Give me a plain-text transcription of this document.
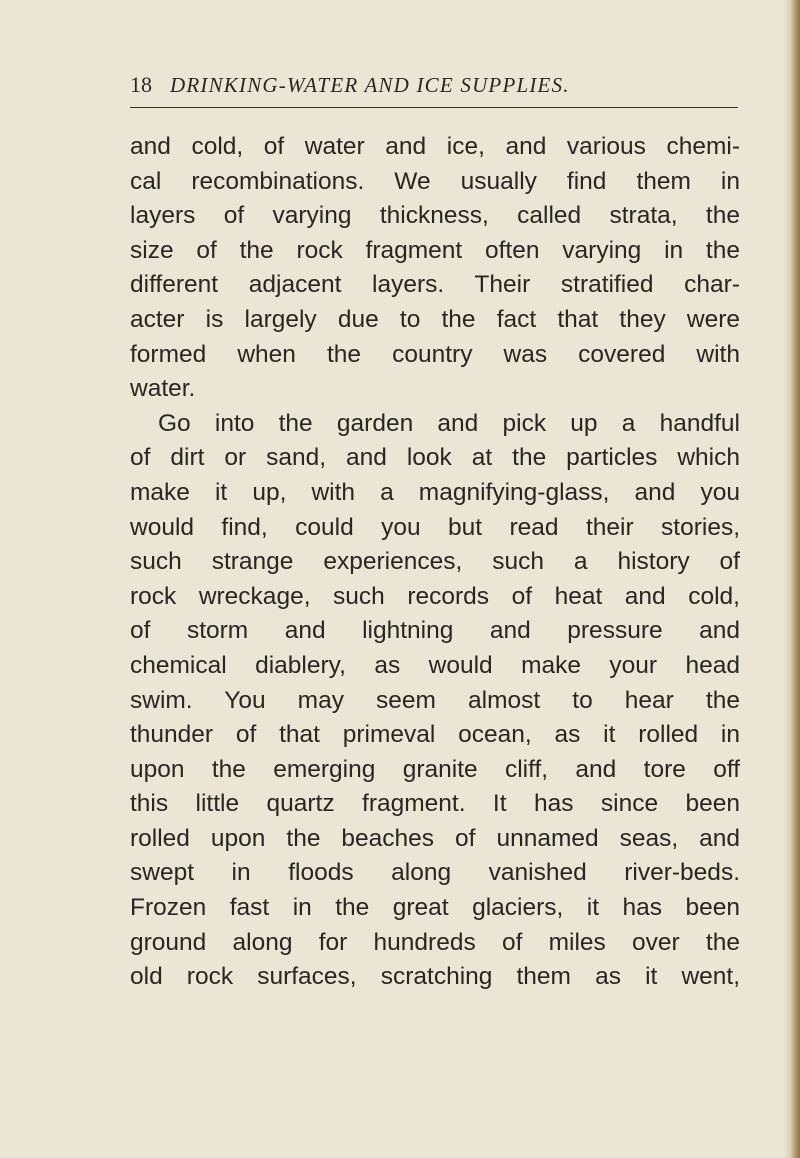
18 DRINKING-WATER AND ICE SUPPLIES.
and cold, of water and ice, and various chemi-
cal recombinations. We usually find them in
layers of varying thickness, called strata, the
size of the rock fragment often varying in the
different adjacent layers. Their stratified char-
acter is largely due to the fact that they were
formed when the country was covered with
water.
Go into the garden and pick up a handful
of dirt or sand, and look at the particles which
make it up, with a magnifying-glass, and you
would find, could you but read their stories,
such strange experiences, such a history of
rock wreckage, such records of heat and cold,
of storm and lightning and pressure and
chemical diablery, as would make your head
swim. You may seem almost to hear the
thunder of that primeval ocean, as it rolled in
upon the emerging granite cliff, and tore off
this little quartz fragment. It has since been
rolled upon the beaches of unnamed seas, and
swept in floods along vanished river-beds.
Frozen fast in the great glaciers, it has been
ground along for hundreds of miles over the
old rock surfaces, scratching them as it went,
